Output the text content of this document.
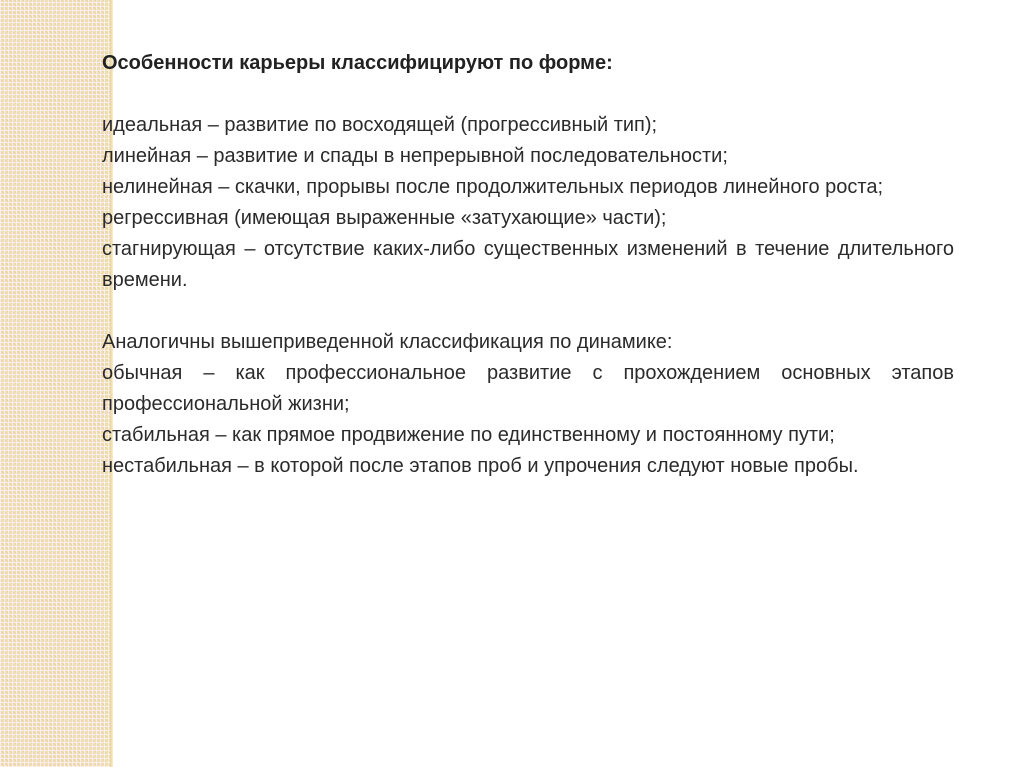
Особенности карьеры классифицируют по форме:

идеальная – развитие по восходящей (прогрессивный тип);

линейная – развитие и спады в непрерывной последовательности;

нелинейная – скачки, прорывы после продолжительных периодов линейного роста;

регрессивная (имеющая выраженные «затухающие» части);

стагнирующая – отсутствие каких-либо существенных изменений в течение длительного времени.

Аналогичны вышеприведенной классификация по динамике:

обычная – как профессиональное развитие с прохождением основных этапов профессиональной жизни;

стабильная – как прямое продвижение по единственному и постоянному пути;

нестабильная – в которой после этапов проб и упрочения следуют новые пробы.
